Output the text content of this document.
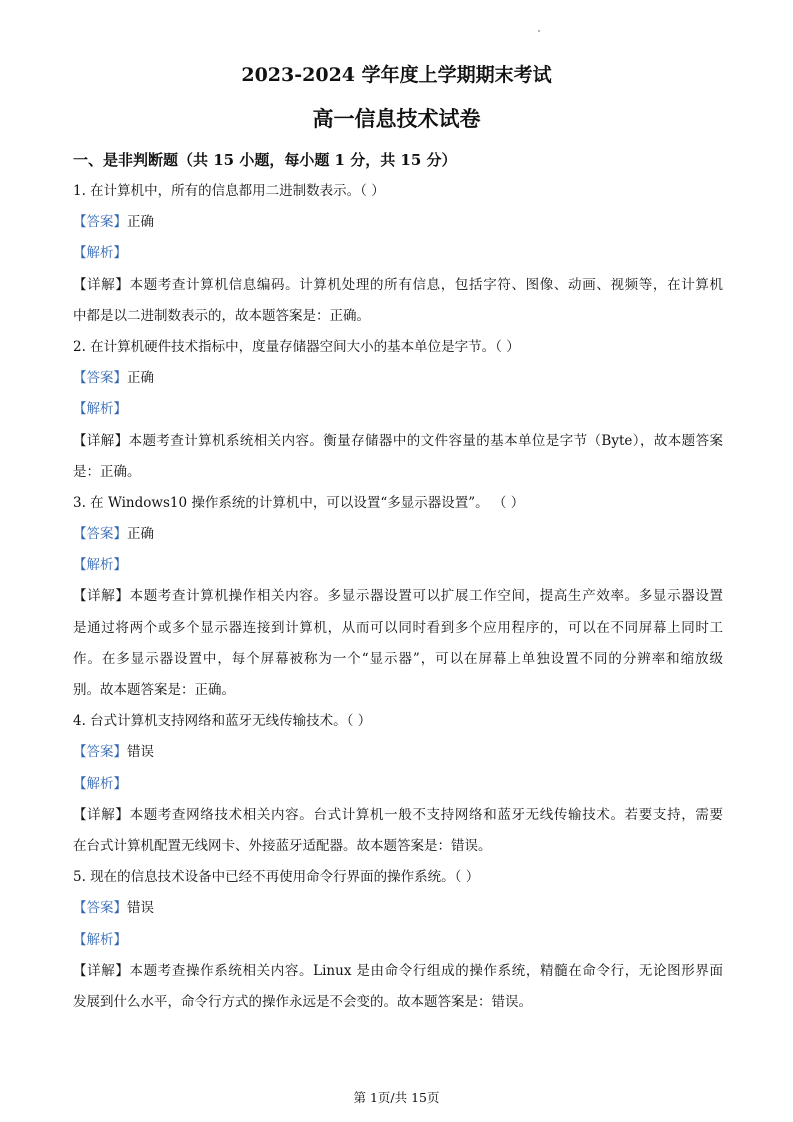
2023-2024 学年度上学期期末考试
高一信息技术试卷
一、是非判断题（共 15 小题，每小题 1 分，共 15 分）
1. 在计算机中，所有的信息都用二进制数表示。（ ）
【答案】正确
【解析】
【详解】本题考查计算机信息编码。计算机处理的所有信息，包括字符、图像、动画、视频等，在计算机
中都是以二进制数表示的，故本题答案是：正确。
2. 在计算机硬件技术指标中，度量存储器空间大小的基本单位是字节。（ ）
【答案】正确
【解析】
【详解】本题考查计算机系统相关内容。衡量存储器中的文件容量的基本单位是字节（Byte），故本题答案
是：正确。
3. 在 Windows10 操作系统的计算机中，可以设置“多显示器设置”。 （ ）
【答案】正确
【解析】
【详解】本题考查计算机操作相关内容。多显示器设置可以扩展工作空间，提高生产效率。多显示器设置
是通过将两个或多个显示器连接到计算机，从而可以同时看到多个应用程序的，可以在不同屏幕上同时工
作。在多显示器设置中，每个屏幕被称为一个“显示器”，可以在屏幕上单独设置不同的分辨率和缩放级
别。故本题答案是：正确。
4. 台式计算机支持网络和蓝牙无线传输技术。（ ）
【答案】错误
【解析】
【详解】本题考查网络技术相关内容。台式计算机一般不支持网络和蓝牙无线传输技术。若要支持，需要
在台式计算机配置无线网卡、外接蓝牙适配器。故本题答案是：错误。
5. 现在的信息技术设备中已经不再使用命令行界面的操作系统。（ ）
【答案】错误
【解析】
【详解】本题考查操作系统相关内容。Linux 是由命令行组成的操作系统，精髓在命令行，无论图形界面
发展到什么水平，命令行方式的操作永远是不会变的。故本题答案是：错误。
第 1页/共 15页
